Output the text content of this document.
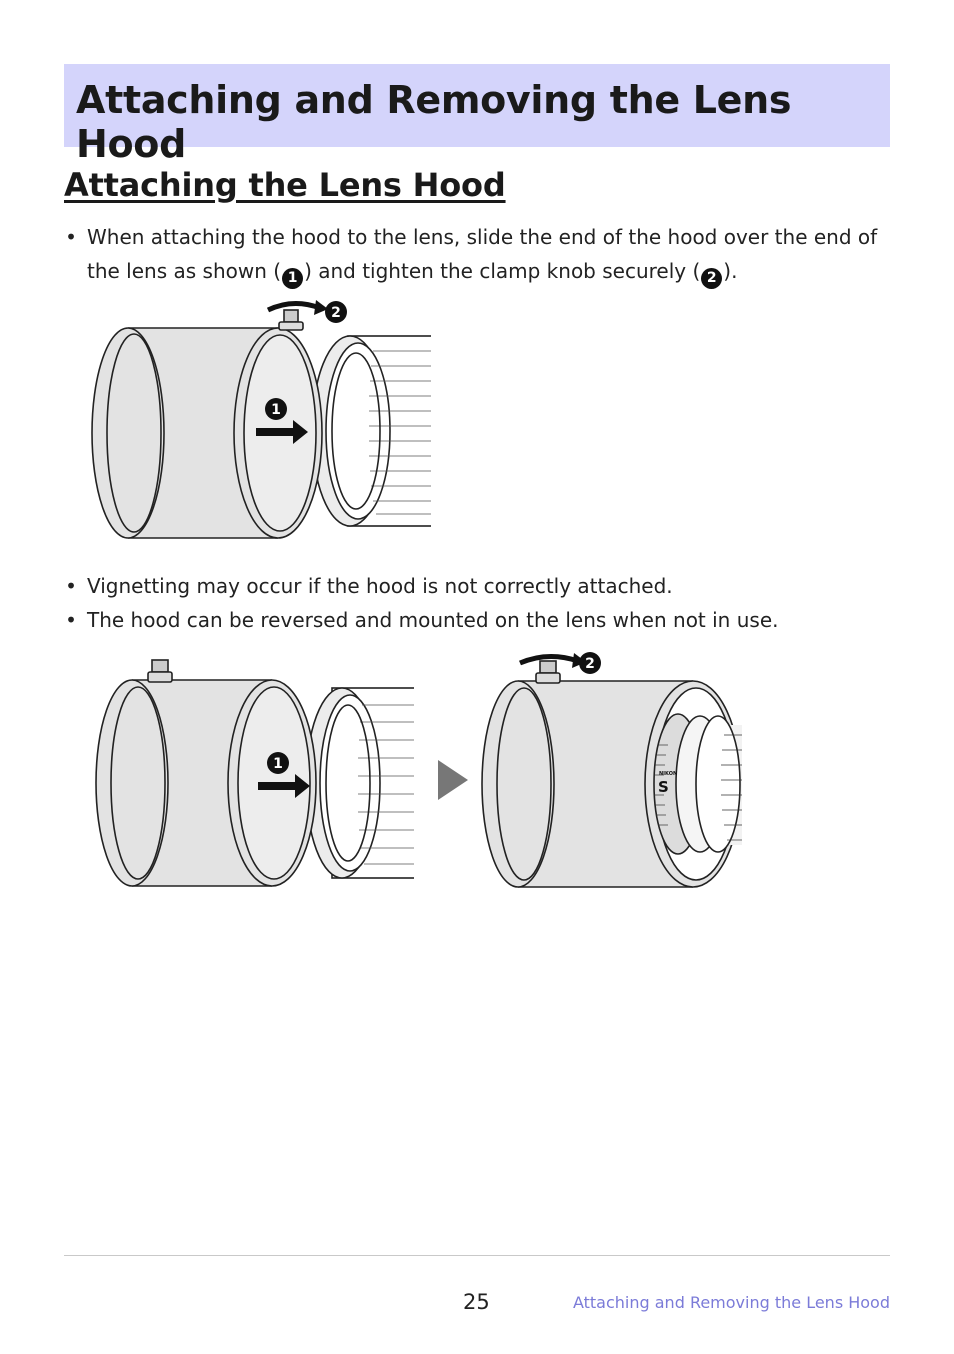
Attaching and Removing the Lens Hood
Attaching the Lens Hood
• When attaching the hood to the lens, slide the end of the hood over the end of
the lens as shown ( 1 ) and tighten the clamp knob securely ( 2 ).
1
2
• Vignetting may occur if the hood is not correctly attached.
• The hood can be reversed and mounted on the lens when not in use.
1
NIKON
S
2
25	Attaching and Removing the Lens Hood
